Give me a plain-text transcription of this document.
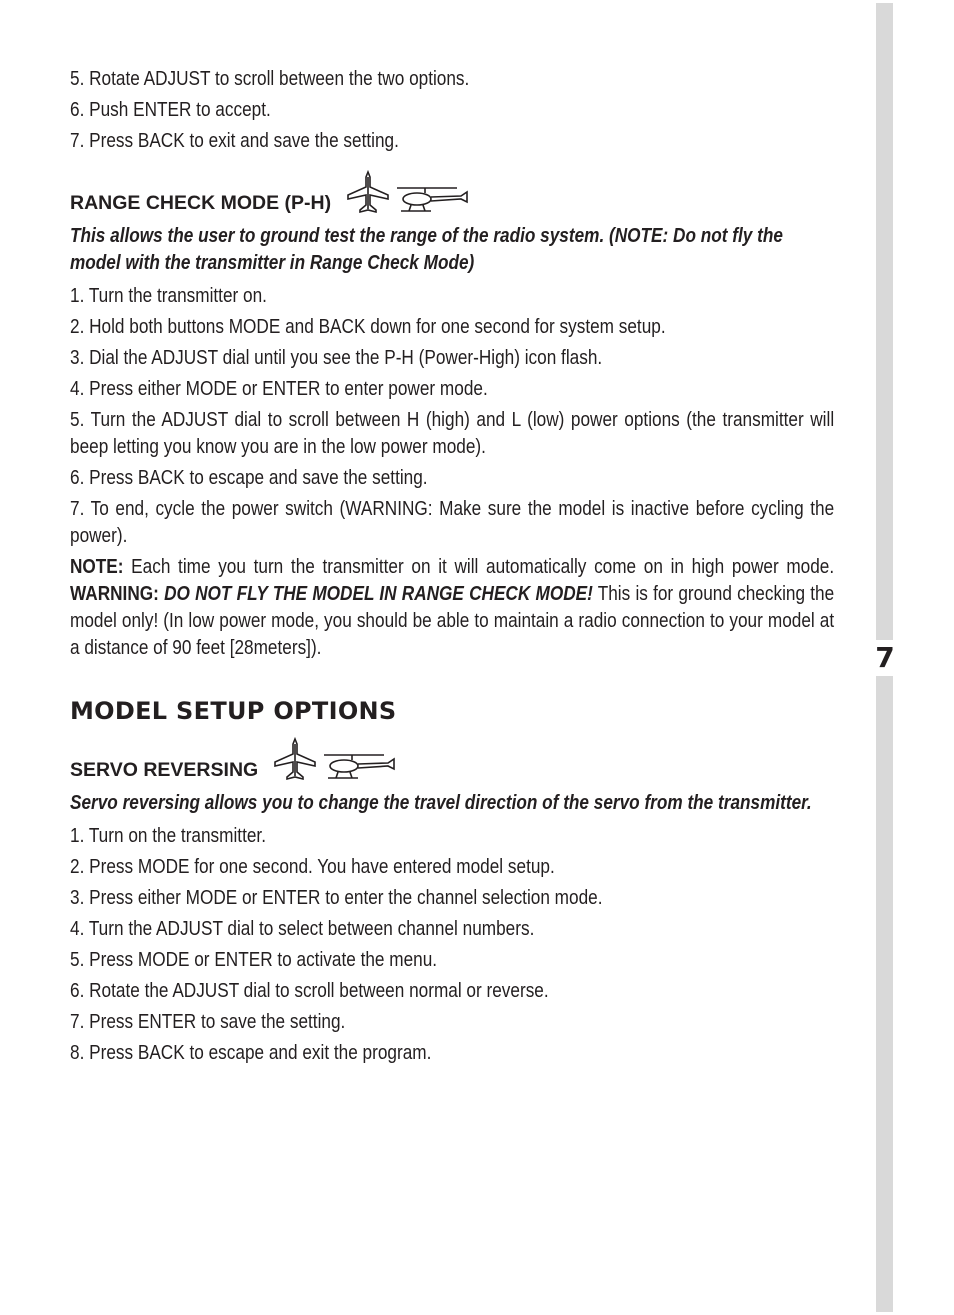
7

5. Rotate ADJUST to scroll between the two options.

6. Push ENTER to accept.

7. Press BACK to exit and save the setting.

RANGE CHECK MODE (P-H)

This allows the user to ground test the range of the radio system. (NOTE: Do not fly the model with the transmitter in Range Check Mode)

1. Turn the transmitter on.

2. Hold both buttons MODE and BACK down for one second for system setup.

3. Dial the ADJUST dial until you see the P-H (Power-High) icon flash.

4. Press either MODE or ENTER to enter power mode.

5. Turn the ADJUST dial to scroll between H (high) and L (low) power options (the transmitter will beep letting you know you are in the low power mode).

6. Press BACK to escape and save the setting.

7. To end, cycle the power switch (WARNING: Make sure the model is inactive before cycling the power).

NOTE: Each time you turn the transmitter on it will automatically come on in high power mode. WARNING: DO NOT FLY THE MODEL IN RANGE CHECK MODE! This is for ground checking the model only! (In low power mode, you should be able to maintain a radio connection to your model at a distance of 90 feet [28meters]).

MODEL SETUP OPTIONS

SERVO REVERSING

Servo reversing allows you to change the travel direction of the servo from the transmitter.

1. Turn on the transmitter.

2. Press MODE for one second. You have entered model setup.

3. Press either MODE or ENTER to enter the channel selection mode.

4. Turn the ADJUST dial to select between channel numbers.

5. Press MODE or ENTER to activate the menu.

6. Rotate the ADJUST dial to scroll between normal or reverse.

7. Press ENTER to save the setting.

8. Press BACK to escape and exit the program.
